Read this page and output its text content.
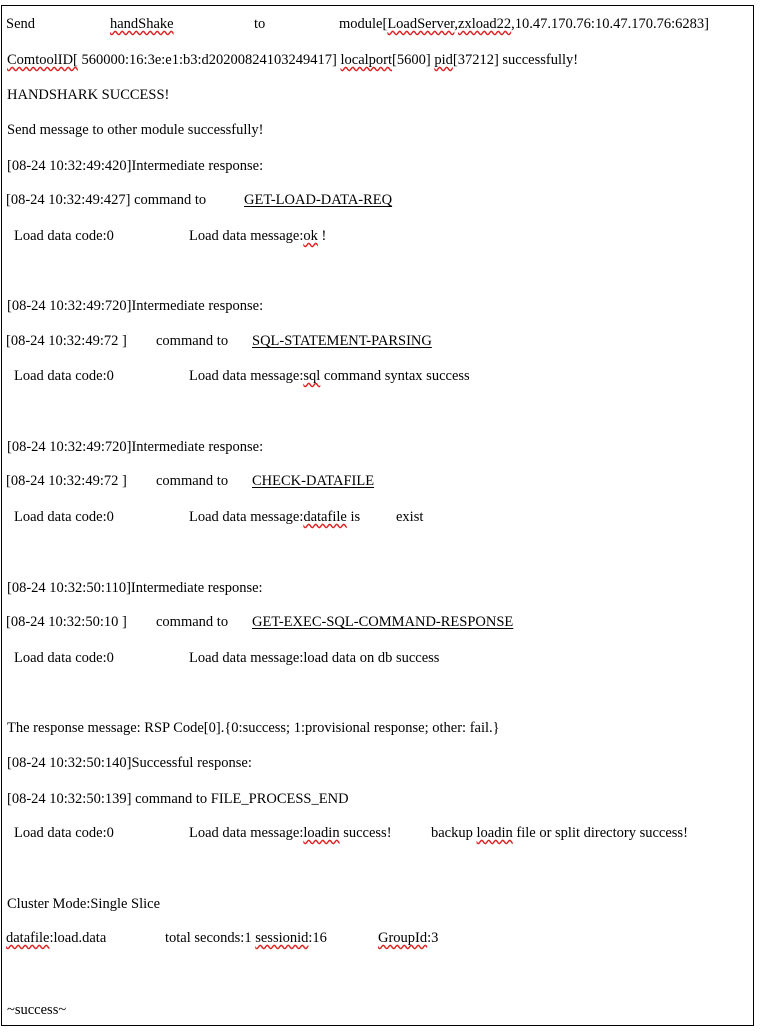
Send	handShake	to	module[LoadServer,zxload22,10.47.170.76:10.47.170.76:6283]
ComtoolID[ 560000:16:3e:e1:b3:d20200824103249417] localport[5600] pid[37212] successfully!
HANDSHARK SUCCESS!
Send message to other module successfully!
[08-24 10:32:49:420]Intermediate response:
[08-24 10:32:49:427] command to	GET-LOAD-DATA-REQ
Load data code:0	Load data message:ok !
[08-24 10:32:49:720]Intermediate response:
[08-24 10:32:49:72 ] command to SQL-STATEMENT-PARSING
Load data code:0	Load data message:sql command syntax success
[08-24 10:32:49:720]Intermediate response:
[08-24 10:32:49:72 ] command to CHECK-DATAFILE
Load data code:0	Load data message:datafile is exist
[08-24 10:32:50:110]Intermediate response:
[08-24 10:32:50:10 ] command to GET-EXEC-SQL-COMMAND-RESPONSE
Load data code:0	Load data message:load data on db success
The response message: RSP Code[0].{0:success; 1:provisional response; other: fail.}
[08-24 10:32:50:140]Successful response:
[08-24 10:32:50:139] command to FILE_PROCESS_END
Load data code:0	Load data message:loadin success!	backup loadin file or split directory success!
Cluster Mode:Single Slice
datafile:load.data	total seconds:1 sessionid:16	GroupId:3
~success~
